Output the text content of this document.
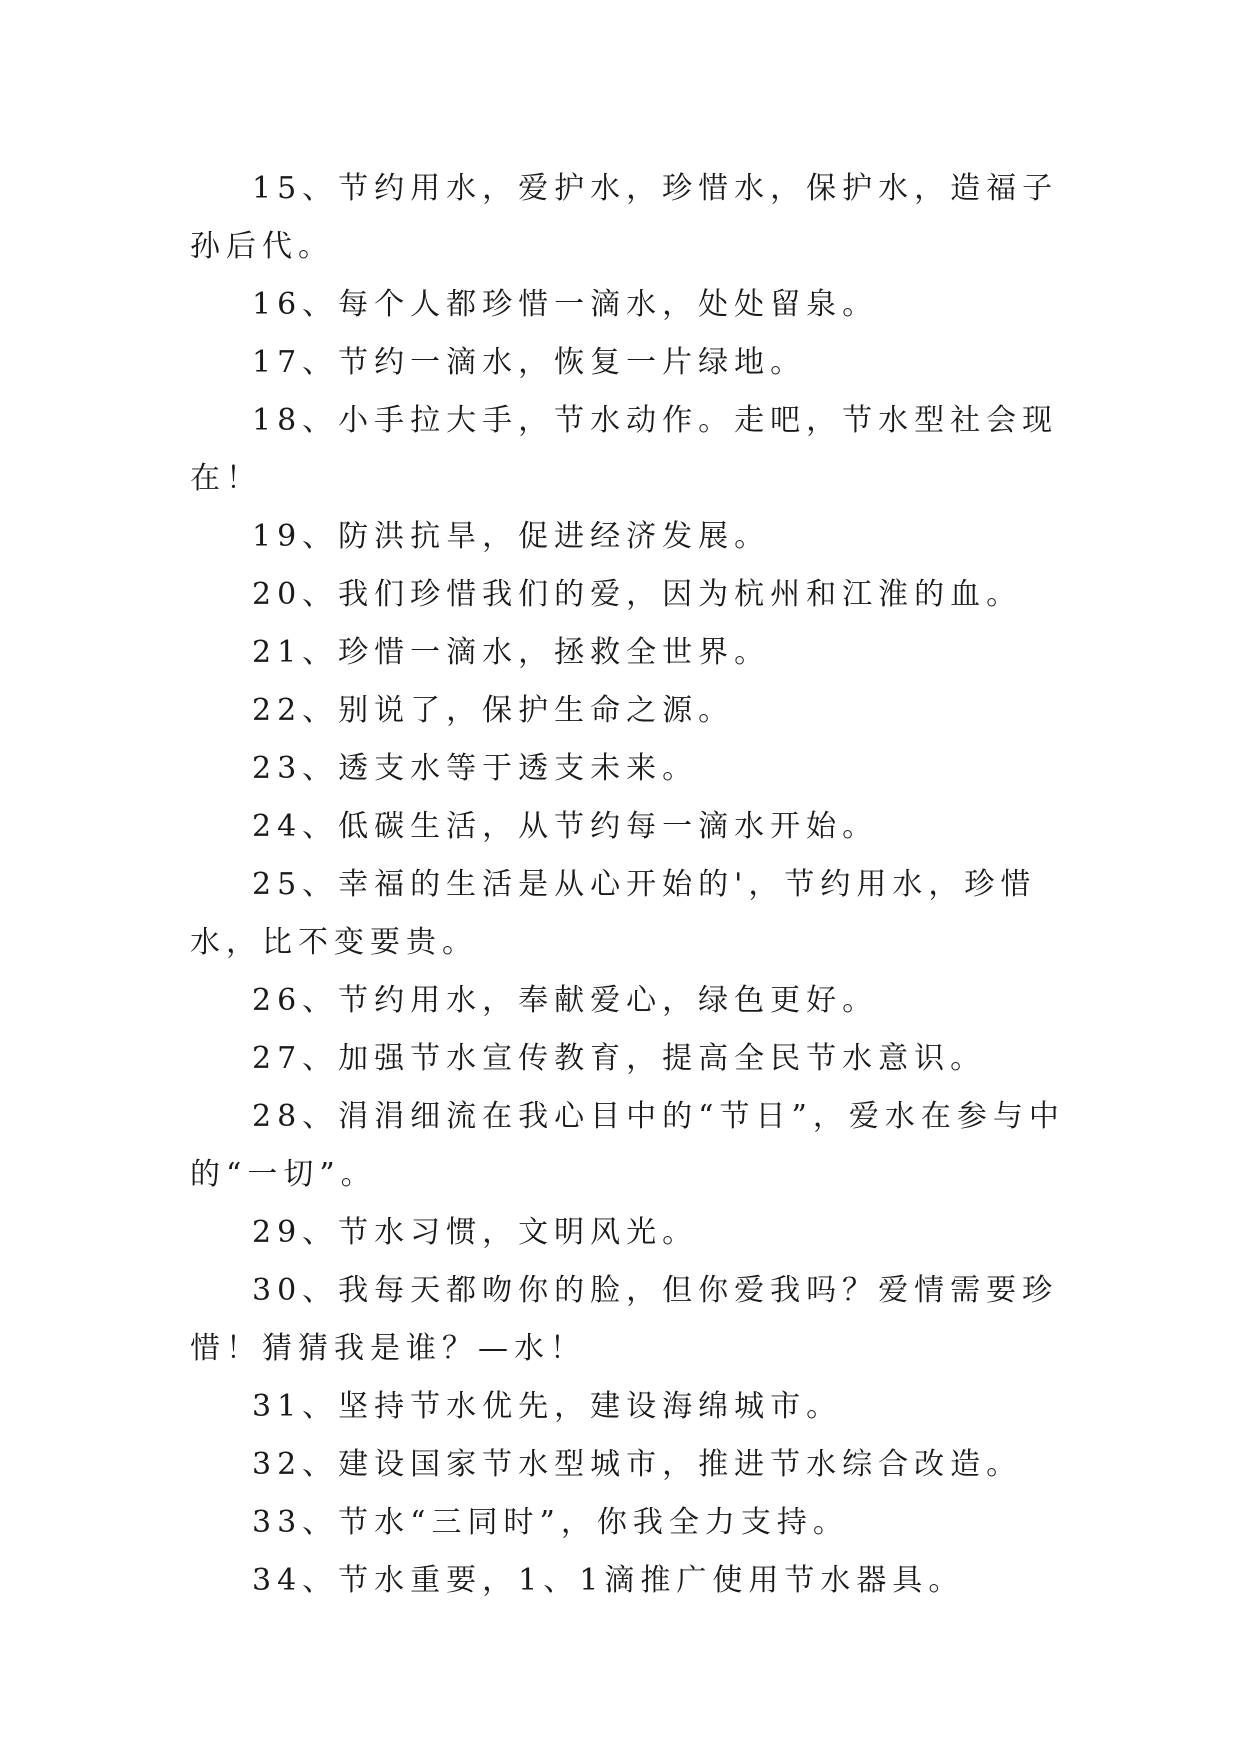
15、节约用水，爱护水，珍惜水，保护水，造福子孙后代。

16、每个人都珍惜一滴水，处处留泉。

17、节约一滴水，恢复一片绿地。

18、小手拉大手，节水动作。走吧，节水型社会现在！

19、防洪抗旱，促进经济发展。

20、我们珍惜我们的爱，因为杭州和江淮的血。

21、珍惜一滴水，拯救全世界。

22、别说了，保护生命之源。

23、透支水等于透支未来。

24、低碳生活，从节约每一滴水开始。

25、幸福的生活是从心开始的'，节约用水，珍惜水，比不变要贵。

26、节约用水，奉献爱心，绿色更好。

27、加强节水宣传教育，提高全民节水意识。

28、涓涓细流在我心目中的“节日”，爱水在参与中的“一切”。

29、节水习惯，文明风光。

30、我每天都吻你的脸，但你爱我吗？爱情需要珍惜！猜猜我是谁？—水！

31、坚持节水优先，建设海绵城市。

32、建设国家节水型城市，推进节水综合改造。

33、节水“三同时”，你我全力支持。

34、节水重要，1、1滴推广使用节水器具。
